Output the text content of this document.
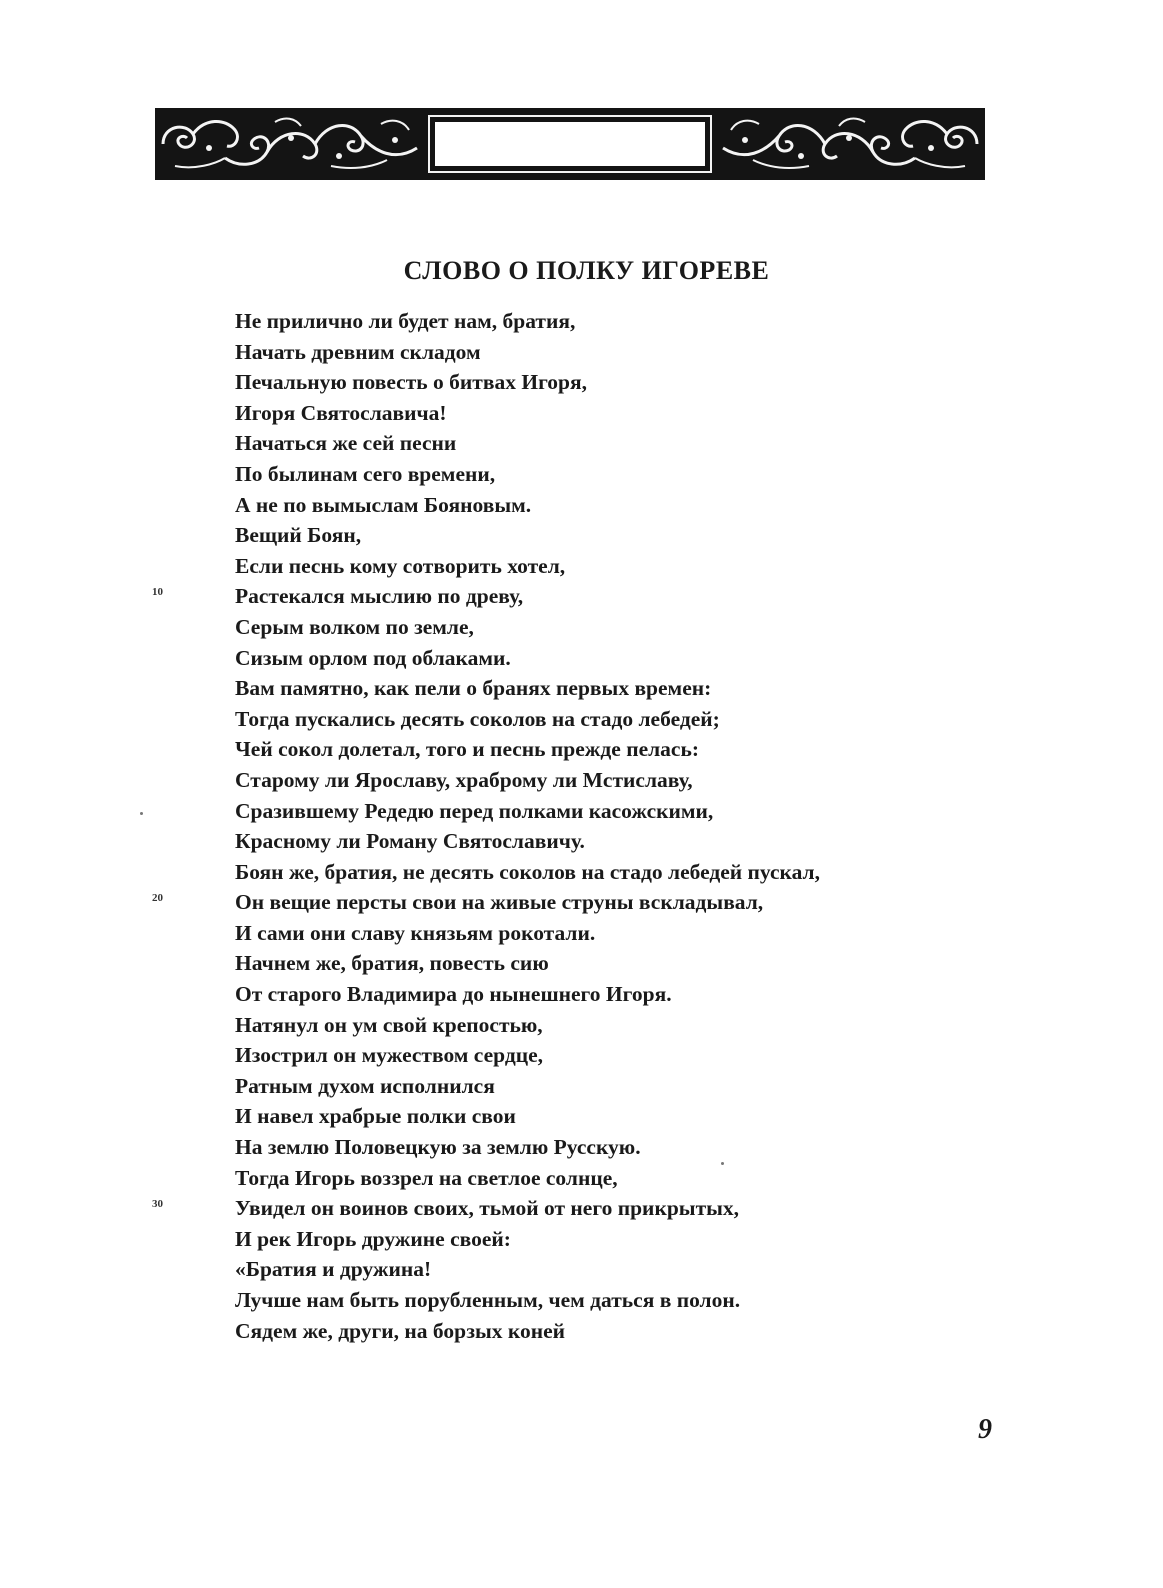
СЛОВО О ПОЛКУ ИГОРЕВЕ
Не прилично ли будет нам, братия,
Начать древним складом
Печальную повесть о битвах Игоря,
Игоря Святославича!
Начаться же сей песни
По былинам сего времени,
А не по вымыслам Бояновым.
Вещий Боян,
Если песнь кому сотворить хотел,
Растекался мыслию по древу,
Серым волком по земле,
Сизым орлом под облаками.
Вам памятно, как пели о бранях первых времен:
Тогда пускались десять соколов на стадо лебедей;
Чей сокол долетал, того и песнь прежде пелась:
Старому ли Ярославу, храброму ли Мстиславу,
Сразившему Редедю перед полками касожскими,
Красному ли Роману Святославичу.
Боян же, братия, не десять соколов на стадо лебедей пускал,
Он вещие персты свои на живые струны вскладывал,
И сами они славу князьям рокотали.
Начнем же, братия, повесть сию
От старого Владимира до нынешнего Игоря.
Натянул он ум свой крепостью,
Изострил он мужеством сердце,
Ратным духом исполнился
И навел храбрые полки свои
На землю Половецкую за землю Русскую.
Тогда Игорь воззрел на светлое солнце,
Увидел он воинов своих, тьмой от него прикрытых,
И рек Игорь дружине своей:
«Братия и дружина!
Лучше нам быть порубленным, чем даться в полон.
Сядем же, други, на борзых коней
10
20
30
9
